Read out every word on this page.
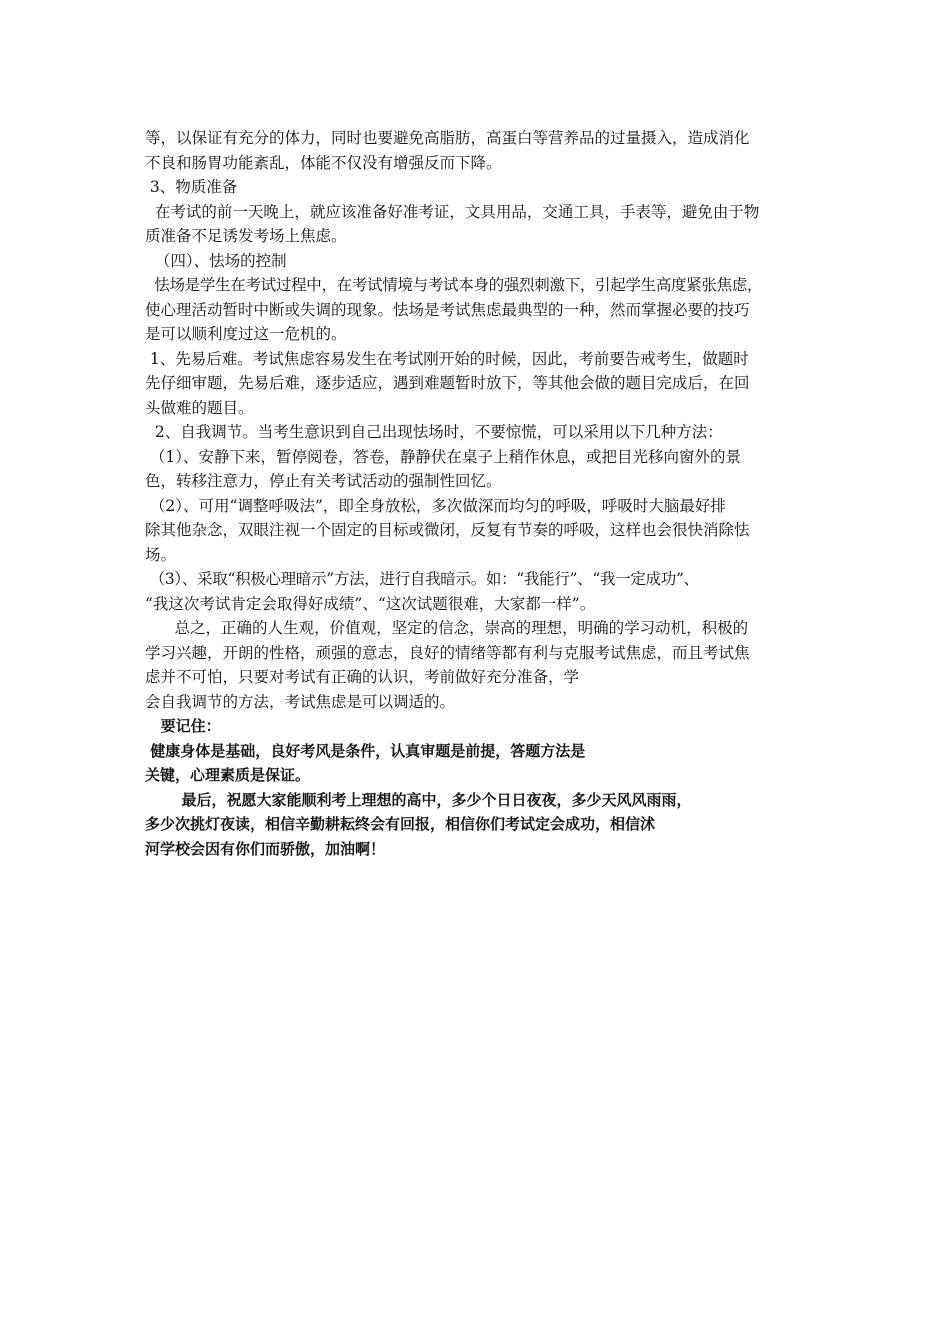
等，以保证有充分的体力，同时也要避免高脂肪，高蛋白等营养品的过量摄入，造成消化
不良和肠胃功能紊乱，体能不仅没有增强反而下降。
3、物质准备
在考试的前一天晚上，就应该准备好准考证，文具用品，交通工具，手表等，避免由于物
质准备不足诱发考场上焦虑。
（四）、怯场的控制
怯场是学生在考试过程中，在考试情境与考试本身的强烈刺激下，引起学生高度紧张焦虑，
使心理活动暂时中断或失调的现象。怯场是考试焦虑最典型的一种，然而掌握必要的技巧
是可以顺利度过这一危机的。
1、先易后难。考试焦虑容易发生在考试刚开始的时候，因此，考前要告戒考生，做题时
先仔细审题，先易后难，逐步适应，遇到难题暂时放下，等其他会做的题目完成后，在回
头做难的题目。
2、自我调节。当考生意识到自己出现怯场时，不要惊慌，可以采用以下几种方法：
（1）、安静下来，暂停阅卷，答卷，静静伏在桌子上稍作休息，或把目光移向窗外的景
色，转移注意力，停止有关考试活动的强制性回忆。
（2）、可用“调整呼吸法”，即全身放松，多次做深而均匀的呼吸，呼吸时大脑最好排
除其他杂念，双眼注视一个固定的目标或微闭，反复有节奏的呼吸，这样也会很快消除怯
场。
（3）、采取“积极心理暗示”方法，进行自我暗示。如：“我能行”、“我一定成功”、
“我这次考试肯定会取得好成绩”、“这次试题很难，大家都一样”。
总之，正确的人生观，价值观，坚定的信念，崇高的理想，明确的学习动机，积极的
学习兴趣，开朗的性格，顽强的意志，良好的情绪等都有利与克服考试焦虑，而且考试焦
虑并不可怕，只要对考试有正确的认识，考前做好充分准备，学
会自我调节的方法，考试焦虑是可以调适的。
要记住：
健康身体是基础，良好考风是条件，认真审题是前提，答题方法是
关键，心理素质是保证。
最后，祝愿大家能顺利考上理想的高中，多少个日日夜夜，多少天风风雨雨，
多少次挑灯夜读，相信辛勤耕耘终会有回报，相信你们考试定会成功，相信沭
河学校会因有你们而骄傲，加油啊！
